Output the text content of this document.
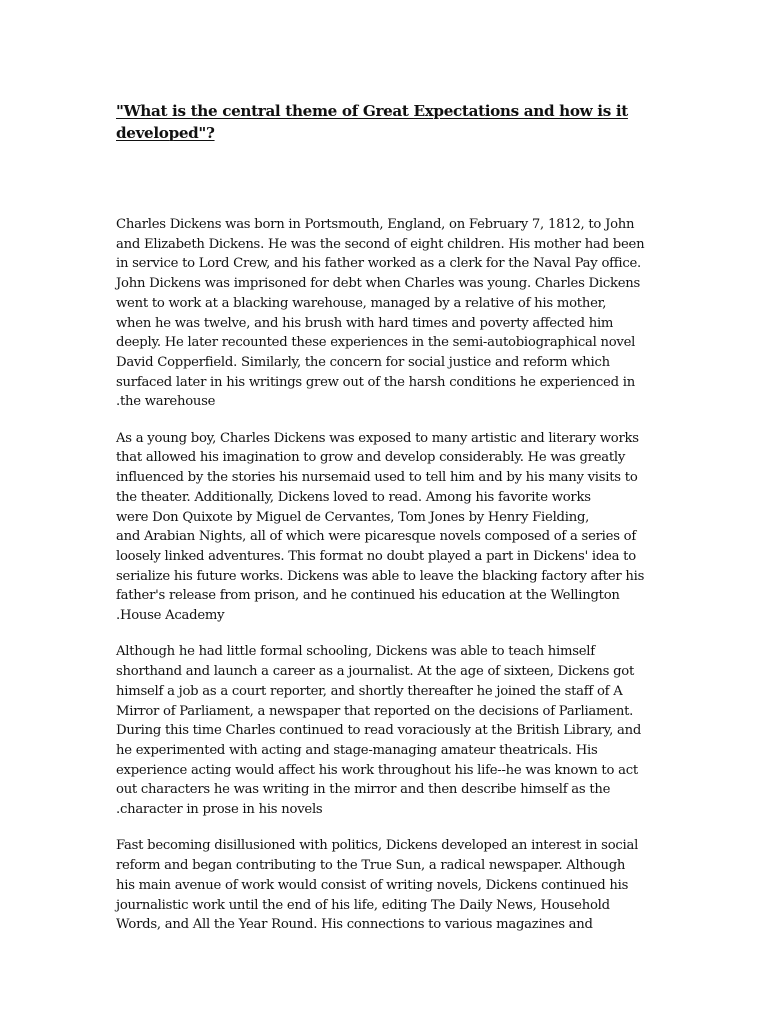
"What is the central theme of Great Expectations and how is it
developed"?

Charles Dickens was born in Portsmouth, England, on February 7, 1812, to John
and Elizabeth Dickens. He was the second of eight children. His mother had been
in service to Lord Crew, and his father worked as a clerk for the Naval Pay office.
John Dickens was imprisoned for debt when Charles was young. Charles Dickens
went to work at a blacking warehouse, managed by a relative of his mother,
when he was twelve, and his brush with hard times and poverty affected him
deeply. He later recounted these experiences in the semi-autobiographical novel
David Copperfield. Similarly, the concern for social justice and reform which
surfaced later in his writings grew out of the harsh conditions he experienced in
.the warehouse

As a young boy, Charles Dickens was exposed to many artistic and literary works
that allowed his imagination to grow and develop considerably. He was greatly
influenced by the stories his nursemaid used to tell him and by his many visits to
the theater. Additionally, Dickens loved to read. Among his favorite works
were Don Quixote by Miguel de Cervantes, Tom Jones by Henry Fielding,
and Arabian Nights, all of which were picaresque novels composed of a series of
loosely linked adventures. This format no doubt played a part in Dickens' idea to
serialize his future works. Dickens was able to leave the blacking factory after his
father's release from prison, and he continued his education at the Wellington
.House Academy

Although he had little formal schooling, Dickens was able to teach himself
shorthand and launch a career as a journalist. At the age of sixteen, Dickens got
himself a job as a court reporter, and shortly thereafter he joined the staff of A
Mirror of Parliament, a newspaper that reported on the decisions of Parliament.
During this time Charles continued to read voraciously at the British Library, and
he experimented with acting and stage-managing amateur theatricals. His
experience acting would affect his work throughout his life--he was known to act
out characters he was writing in the mirror and then describe himself as the
.character in prose in his novels

Fast becoming disillusioned with politics, Dickens developed an interest in social
reform and began contributing to the True Sun, a radical newspaper. Although
his main avenue of work would consist of writing novels, Dickens continued his
journalistic work until the end of his life, editing The Daily News, Household
Words, and All the Year Round. His connections to various magazines and
